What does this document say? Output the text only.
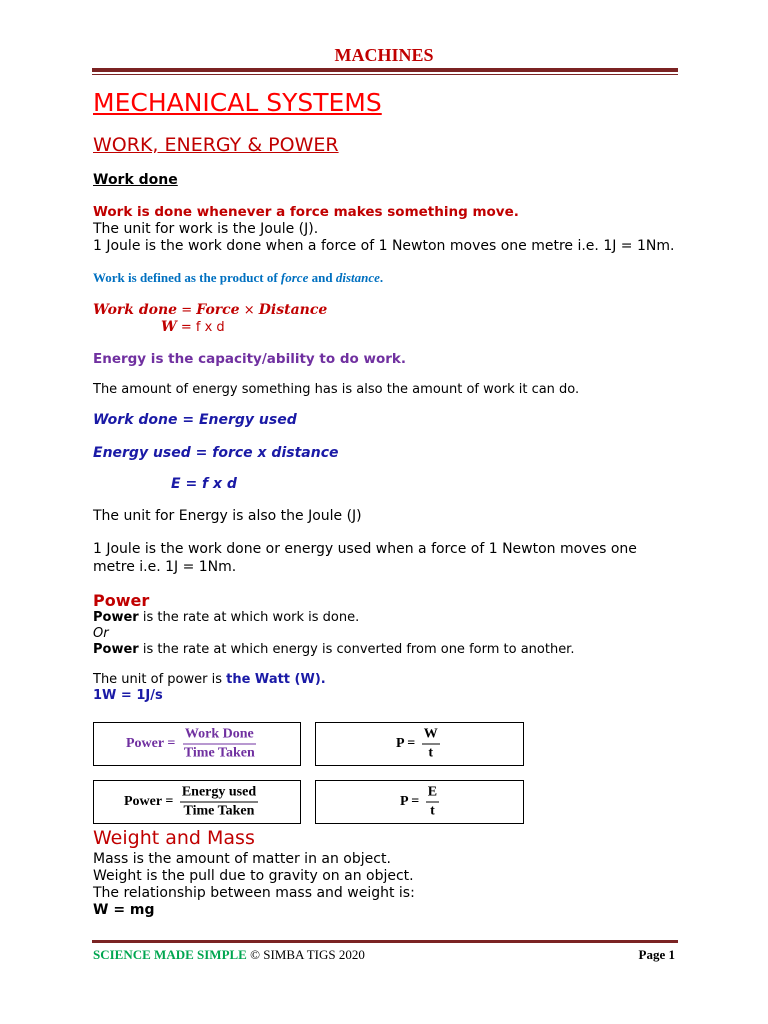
MACHINES
MECHANICAL SYSTEMS
WORK, ENERGY & POWER
Work done
Work is done whenever a force makes something move.
The unit for work is the Joule (J).
1 Joule is the work done when a force of 1 Newton moves one metre i.e. 1J = 1Nm.
Work is defined as the product of force and distance.
Work done = Force × Distance
W = f x d
Energy is the capacity/ability to do work.
The amount of energy something has is also the amount of work it can do.
Work done = Energy used
Energy used = force x distance
E = f x d
The unit for Energy is also the Joule (J)
1 Joule is the work done or energy used when a force of 1 Newton moves one
metre i.e. 1J = 1Nm.
Power
Power is the rate at which work is done.
Or
Power is the rate at which energy is converted from one form to another.
The unit of power is the Watt (W).
1W = 1J/s
Power = $\frac{\text{Work Done}}{\text{Time Taken}}$	$P = \frac{W}{t}$
Power = $\frac{\text{Energy used}}{\text{Time Taken}}$	$P = \frac{E}{t}$
Weight and Mass
Mass is the amount of matter in an object.
Weight is the pull due to gravity on an object.
The relationship between mass and weight is:
W = mg
SCIENCE MADE SIMPLE © SIMBA TIGS 2020	Page 1
